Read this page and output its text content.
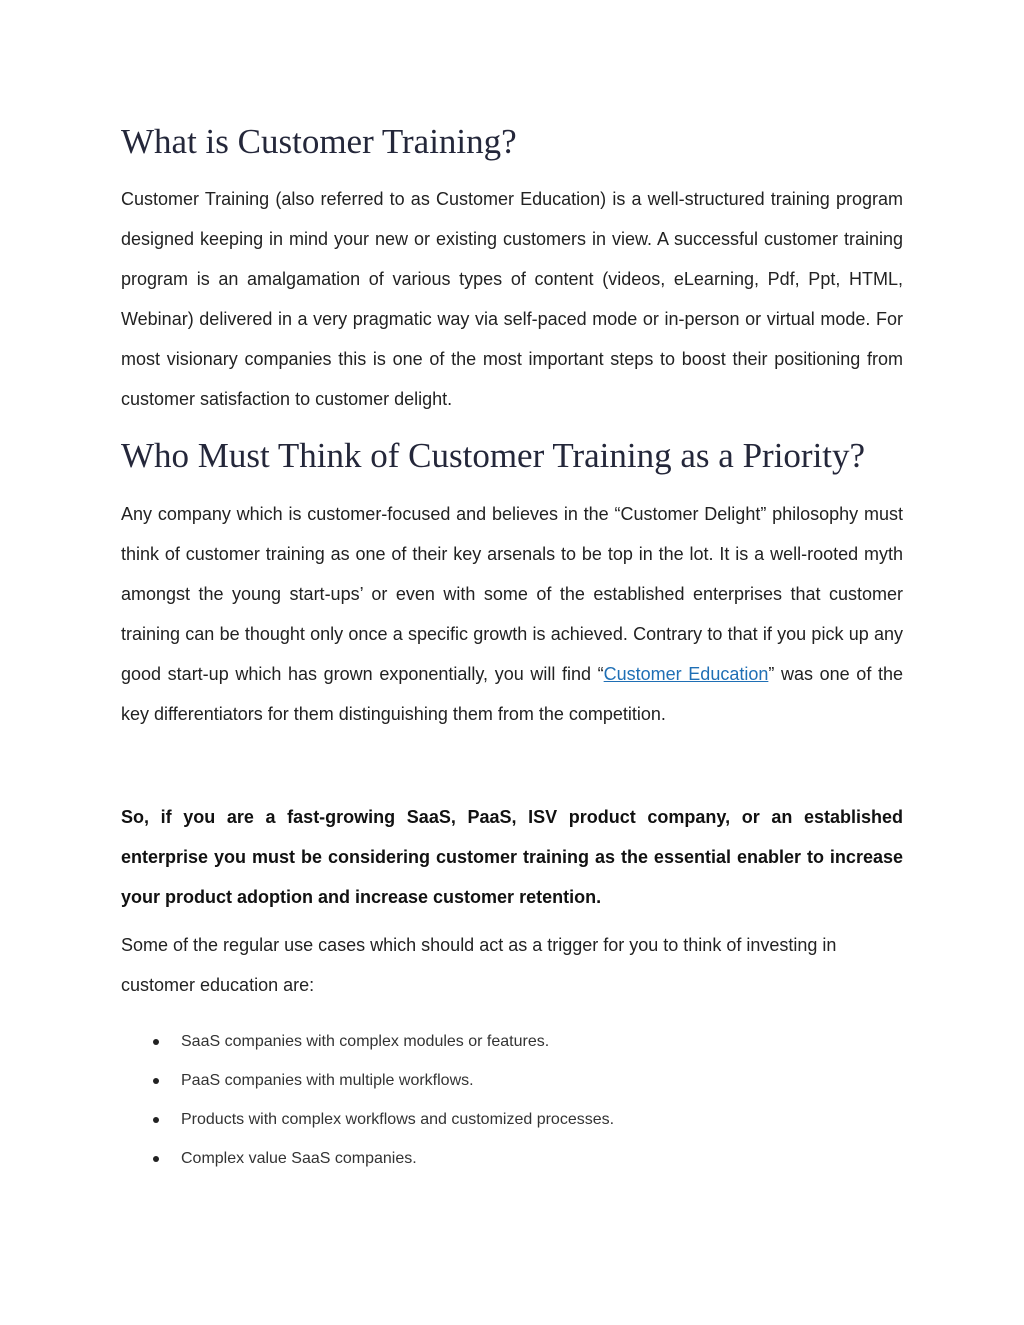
What is Customer Training?

Customer Training (also referred to as Customer Education) is a well-structured training program designed keeping in mind your new or existing customers in view. A successful customer training program is an amalgamation of various types of content (videos, eLearning, Pdf, Ppt, HTML, Webinar) delivered in a very pragmatic way via self-paced mode or in-person or virtual mode. For most visionary companies this is one of the most important steps to boost their positioning from customer satisfaction to customer delight.

Who Must Think of Customer Training as a Priority?

Any company which is customer-focused and believes in the “Customer Delight” philosophy must think of customer training as one of their key arsenals to be top in the lot. It is a well-rooted myth amongst the young start-ups’ or even with some of the established enterprises that customer training can be thought only once a specific growth is achieved. Contrary to that if you pick up any good start-up which has grown exponentially, you will find “Customer Education” was one of the key differentiators for them distinguishing them from the competition.

So, if you are a fast-growing SaaS, PaaS, ISV product company, or an established enterprise you must be considering customer training as the essential enabler to increase your product adoption and increase customer retention.

Some of the regular use cases which should act as a trigger for you to think of investing in customer education are:

SaaS companies with complex modules or features.
PaaS companies with multiple workflows.
Products with complex workflows and customized processes.
Complex value SaaS companies.
